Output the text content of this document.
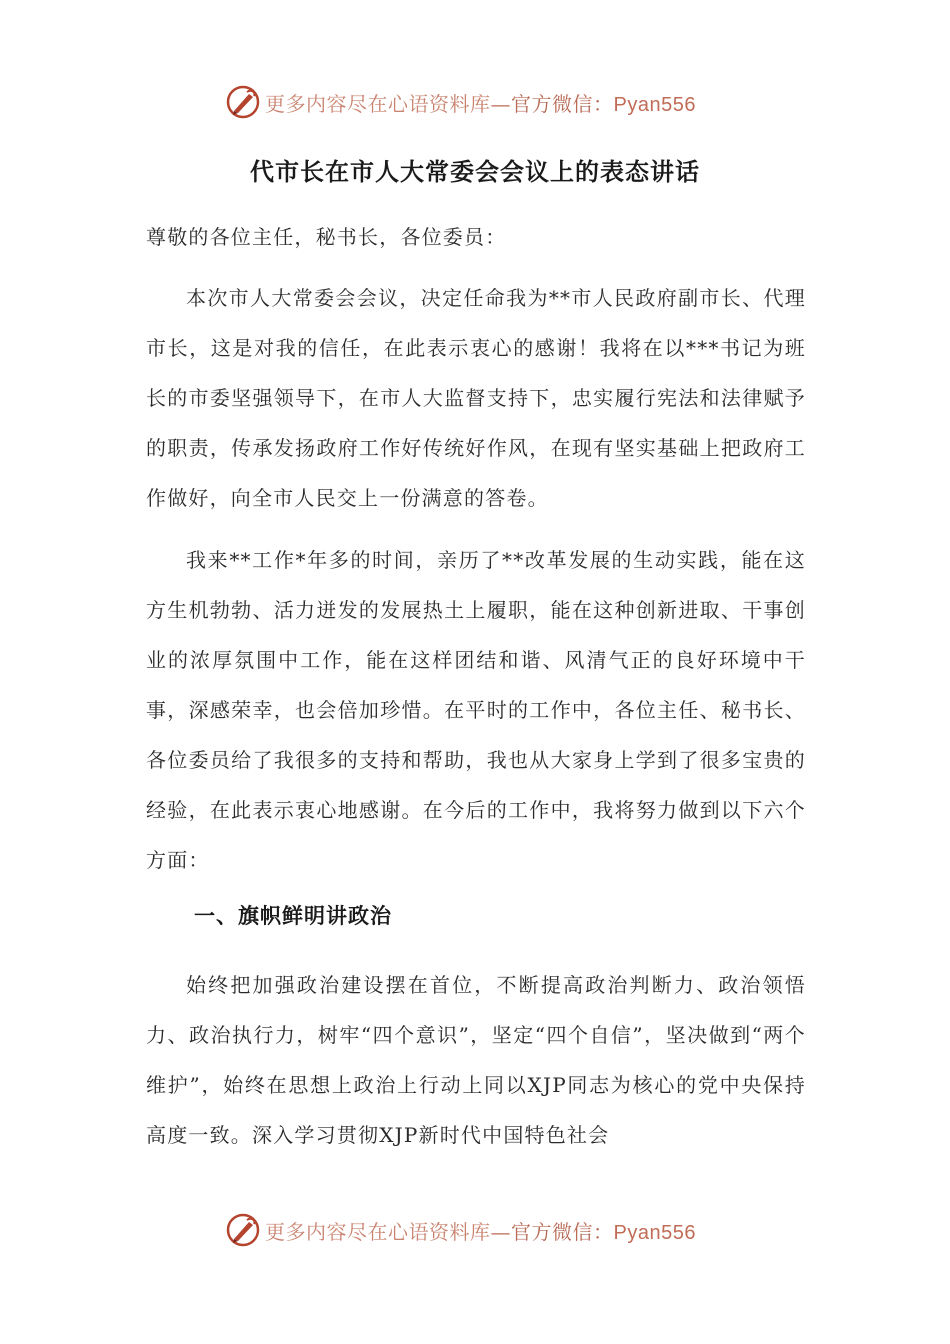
更多内容尽在心语资料库—官方微信：Pyan556
代市长在市人大常委会会议上的表态讲话
尊敬的各位主任，秘书长，各位委员：
本次市人大常委会会议，决定任命我为**市人民政府副市长、代理市长，这是对我的信任，在此表示衷心的感谢！我将在以***书记为班长的市委坚强领导下，在市人大监督支持下，忠实履行宪法和法律赋予的职责，传承发扬政府工作好传统好作风，在现有坚实基础上把政府工作做好，向全市人民交上一份满意的答卷。
我来**工作*年多的时间，亲历了**改革发展的生动实践，能在这方生机勃勃、活力迸发的发展热土上履职，能在这种创新进取、干事创业的浓厚氛围中工作，能在这样团结和谐、风清气正的良好环境中干事，深感荣幸，也会倍加珍惜。在平时的工作中，各位主任、秘书长、各位委员给了我很多的支持和帮助，我也从大家身上学到了很多宝贵的经验，在此表示衷心地感谢。在今后的工作中，我将努力做到以下六个方面：
一、旗帜鲜明讲政治
始终把加强政治建设摆在首位，不断提高政治判断力、政治领悟力、政治执行力，树牢“四个意识”，坚定“四个自信”，坚决做到“两个维护”，始终在思想上政治上行动上同以XJP同志为核心的党中央保持高度一致。深入学习贯彻XJP新时代中国特色社会
更多内容尽在心语资料库—官方微信：Pyan556
